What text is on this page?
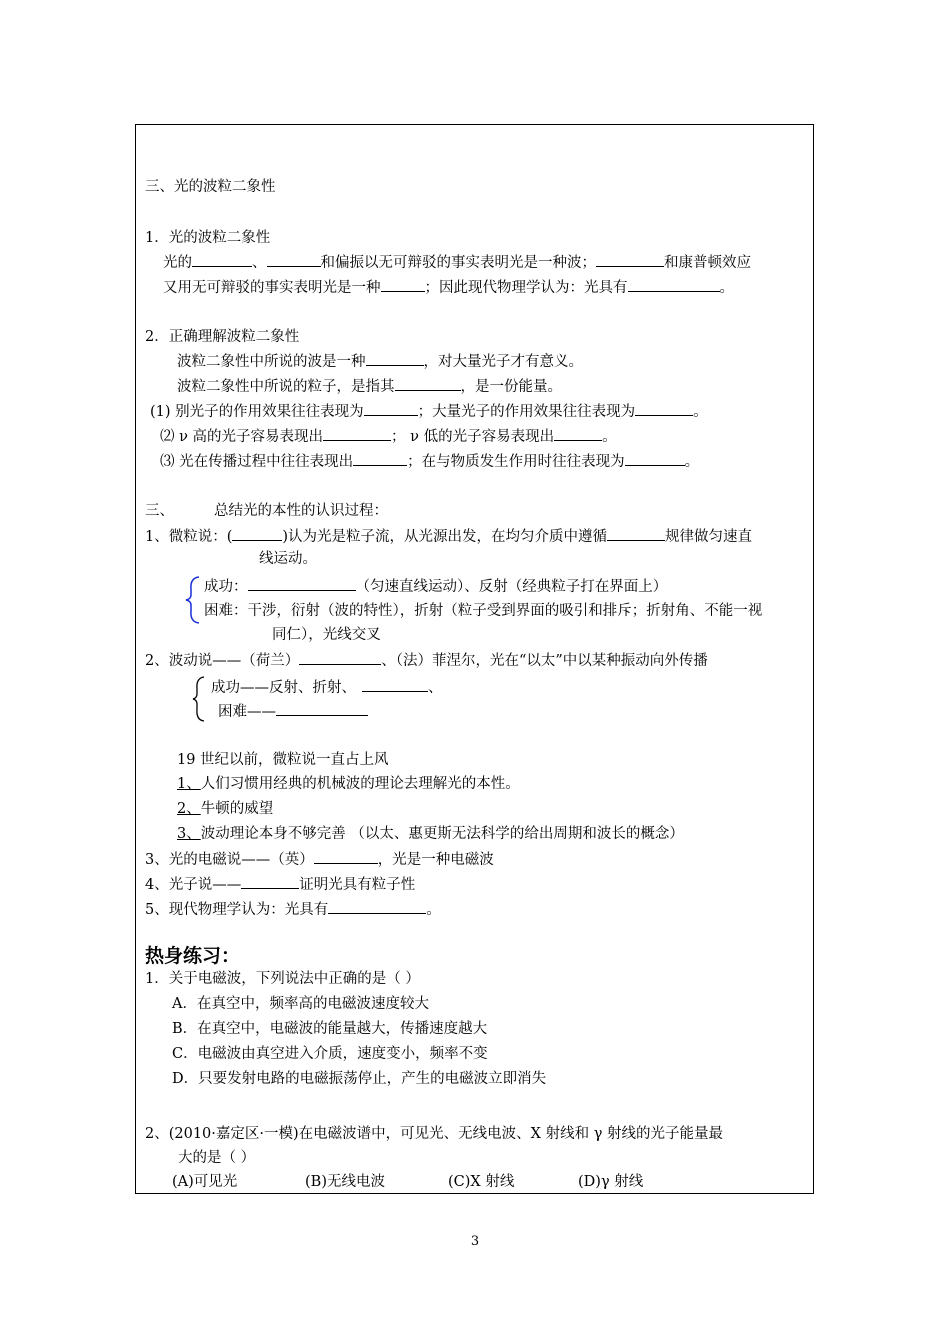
三、光的波粒二象性
1．光的波粒二象性
光的	、	和偏振以无可辩驳的事实表明光是一种波；	和康普顿效应
又用无可辩驳的事实表明光是一种	；因此现代物理学认为：光具有	。
2．正确理解波粒二象性
波粒二象性中所说的波是一种	，对大量光子才有意义。
波粒二象性中所说的粒子，是指其	，是一份能量。
(1) 别光子的作用效果往往表现为	；大量光子的作用效果往往表现为	。
⑵ ν 高的光子容易表现出	； ν 低的光子容易表现出	。
⑶ 光在传播过程中往往表现出	；在与物质发生作用时往往表现为	。
三、	总结光的本性的认识过程：
1、微粒说：(	)认为光是粒子流，从光源出发，在均匀介质中遵循	规律做匀速直
线运动。
成功：	（匀速直线运动）、反射（经典粒子打在界面上）
困难：干涉，衍射（波的特性），折射（粒子受到界面的吸引和排斥；折射角、不能一视
同仁），光线交叉
2、波动说——（荷兰）	、（法）菲涅尔，光在“以太”中以某种振动向外传播
成功——反射、折射、	、
困难——
19 世纪以前，微粒说一直占上风
1、人们习惯用经典的机械波的理论去理解光的本性。
2、牛顿的威望
3、波动理论本身不够完善 （以太、惠更斯无法科学的给出周期和波长的概念）
3、光的电磁说——（英）	，光是一种电磁波
4、光子说——	证明光具有粒子性
5、现代物理学认为：光具有	。
热身练习：
1．关于电磁波，下列说法中正确的是（ ）
A．在真空中，频率高的电磁波速度较大
B．在真空中，电磁波的能量越大，传播速度越大
C．电磁波由真空进入介质，速度变小，频率不变
D．只要发射电路的电磁振荡停止，产生的电磁波立即消失
2、(2010·嘉定区·一模)在电磁波谱中，可见光、无线电波、X 射线和 γ 射线的光子能量最
大的是（ ）
(A)可见光	(B)无线电波	(C)X 射线	(D)γ 射线
3
